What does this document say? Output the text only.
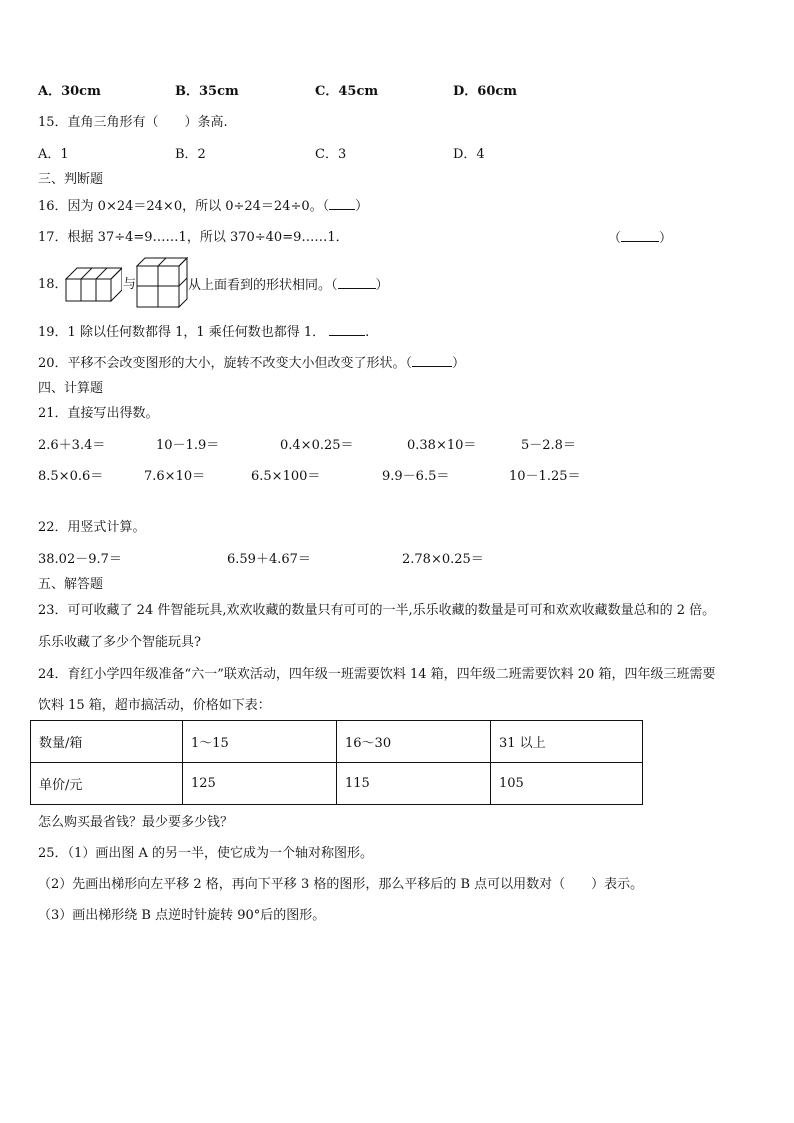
A．30cm	B．35cm	C．45cm	D．60cm
15．直角三角形有（　　）条高.
A．1	B．2	C．3	D．4
三、判断题
16．因为 0×24＝24×0，所以 0÷24＝24÷0。（ ）
17．根据 37÷4=9……1，所以 370÷40=9……1．	（	）
18．	与	从上面看到的形状相同。（	）
19．1 除以任何数都得 1，1 乘任何数也都得 1．	.
20．平移不会改变图形的大小，旋转不改变大小但改变了形状。（	）
四、计算题
21．直接写出得数。
2.6＋3.4＝	10－1.9＝	0.4×0.25＝	0.38×10＝	5－2.8＝
8.5×0.6＝	7.6×10＝	6.5×100＝	9.9－6.5＝	10－1.25＝
22．用竖式计算。
38.02－9.7＝	6.59＋4.67＝	2.78×0.25＝
五、解答题
23．可可收藏了 24 件智能玩具,欢欢收藏的数量只有可可的一半,乐乐收藏的数量是可可和欢欢收藏数量总和的 2 倍。
乐乐收藏了多少个智能玩具?
24．育红小学四年级准备“六一”联欢活动，四年级一班需要饮料 14 箱，四年级二班需要饮料 20 箱，四年级三班需要
饮料 15 箱，超市搞活动，价格如下表：
数量/箱	1～15	16～30	31 以上
单价/元	125	115	105
怎么购买最省钱？最少要多少钱？
25．（1）画出图 A 的另一半，使它成为一个轴对称图形。
（2）先画出梯形向左平移 2 格，再向下平移 3 格的图形，那么平移后的 B 点可以用数对（　　）表示。
（3）画出梯形绕 B 点逆时针旋转 90°后的图形。
